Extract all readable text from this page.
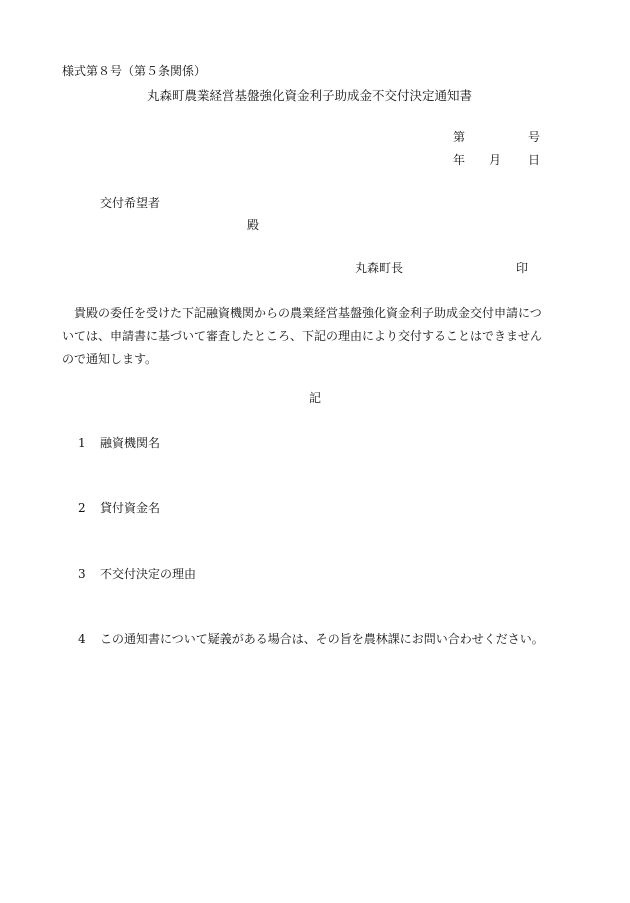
様式第８号（第５条関係）

丸森町農業経営基盤強化資金利子助成金不交付決定通知書

第	号

年 月 日

交付希望者

殿

丸森町長	印

　貴殿の委任を受けた下記融資機関からの農業経営基盤強化資金利子助成金交付申請につ
いては、申請書に基づいて審査したところ、下記の理由により交付することはできません
ので通知します。

記

1 融資機関名
2 貸付資金名
3 不交付決定の理由
4 この通知書について疑義がある場合は、その旨を農林課にお問い合わせください。
